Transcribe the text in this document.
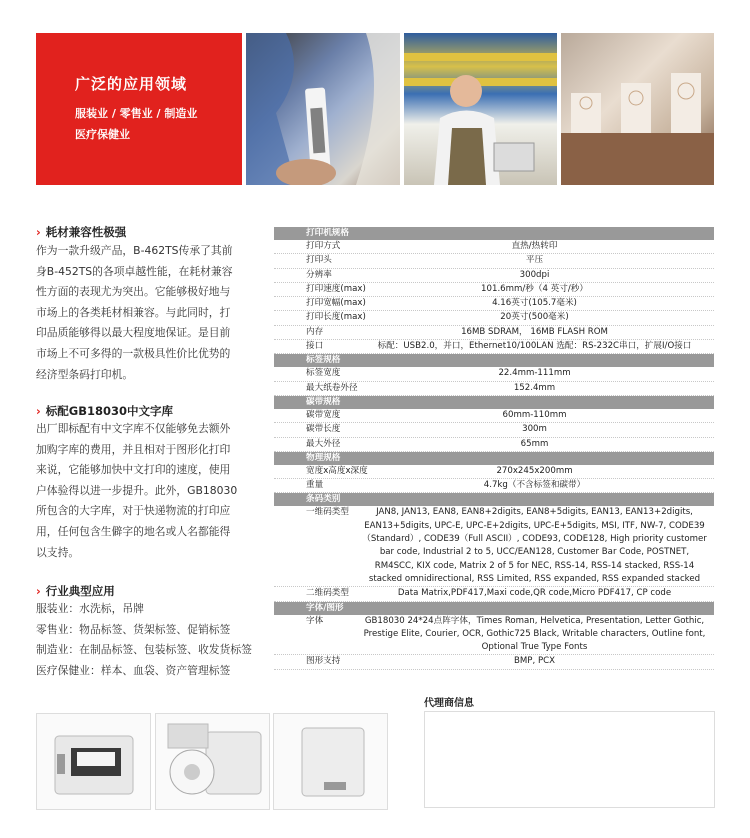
广泛的应用领域
服装业 / 零售业 / 制造业
医疗保健业
› 耗材兼容性极强
作为一款升级产品，B-462TS传承了其前
身B-452TS的各项卓越性能，在耗材兼容
性方面的表现尤为突出。它能够极好地与
市场上的各类耗材相兼容。与此同时，打
印品质能够得以最大程度地保证。是目前
市场上不可多得的一款极具性价比优势的
经济型条码打印机。
› 标配GB18030中文字库
出厂即标配有中文字库不仅能够免去额外
加购字库的费用，并且相对于图形化打印
来说，它能够加快中文打印的速度，使用
户体验得以进一步提升。此外，GB18030
所包含的大字库，对于快递物流的打印应
用，任何包含生僻字的地名或人名都能得
以支持。
› 行业典型应用
服装业：水洗标，吊牌
零售业：物品标签、货架标签、促销标签
制造业：在制品标签、包装标签、收发货标签
医疗保健业：样本、血袋、资产管理标签
打印机规格
打印方式	直热/热转印
打印头	平压
分辨率	300dpi
打印速度(max)	101.6mm/秒（4 英寸/秒）
打印宽幅(max)	4.16英寸(105.7毫米)
打印长度(max)	20英寸(500毫米)
内存	16MB SDRAM， 16MB FLASH ROM
接口	标配：USB2.0，并口，Ethernet10/100LAN 选配：RS-232C串口，扩展I/O接口
标签规格
标签宽度	22.4mm-111mm
最大纸卷外径	152.4mm
碳带规格
碳带宽度	60mm-110mm
碳带长度	300m
最大外径	65mm
物理规格
宽度x高度x深度	270x245x200mm
重量	4.7kg（不含标签和碳带）
条码类别
一维码类型	JAN8, JAN13, EAN8, EAN8+2digits, EAN8+5digits, EAN13, EAN13+2digits, EAN13+5digits, UPC-E, UPC-E+2digits, UPC-E+5digits, MSI, ITF, NW-7, CODE39（Standard）, CODE39（Full ASCII）, CODE93, CODE128, High priority customer bar code, Industrial 2 to 5, UCC/EAN128, Customer Bar Code, POSTNET, RM4SCC, KIX code, Matrix 2 of 5 for NEC, RSS-14, RSS-14 stacked, RSS-14 stacked omnidirectional, RSS Limited, RSS expanded, RSS expanded stacked
二维码类型	Data Matrix,PDF417,Maxi code,QR code,Micro PDF417, CP code
字体/图形
字体	GB18030 24*24点阵字体，Times Roman, Helvetica, Presentation, Letter Gothic, Prestige Elite, Courier, OCR, Gothic725 Black, Writable characters, Outline font, Optional True Type Fonts
图形支持	BMP, PCX
代理商信息
